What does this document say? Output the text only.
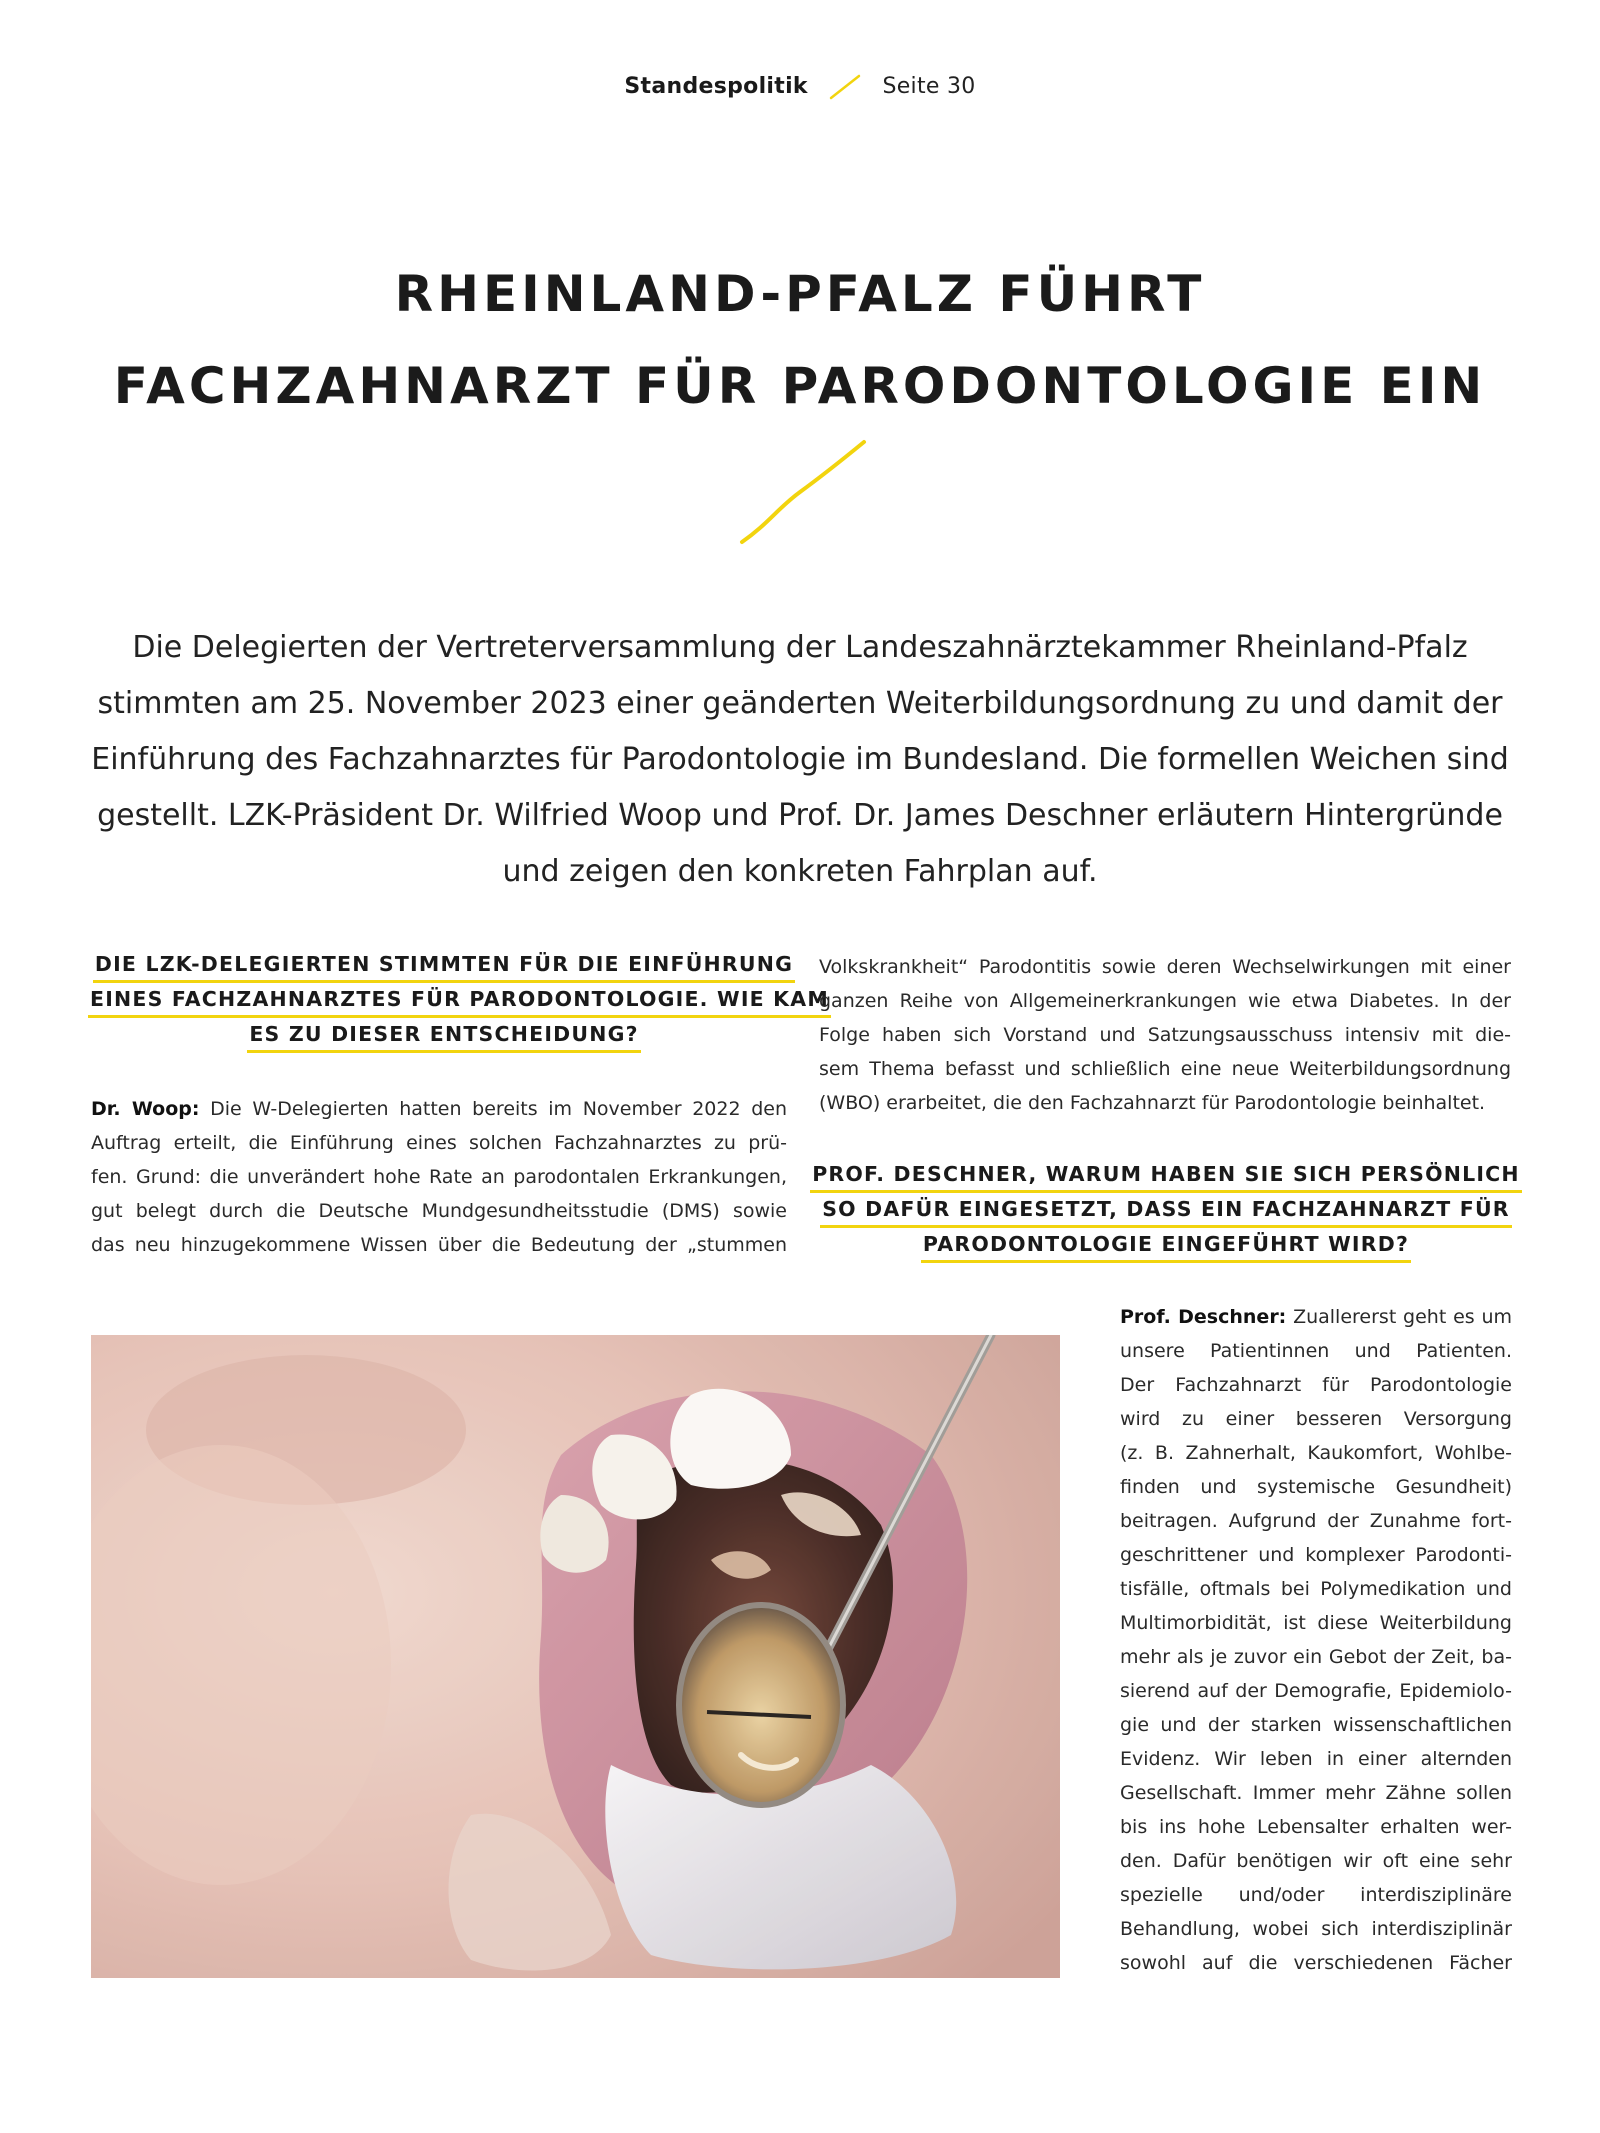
Standespolitik	Seite 30
RHEINLAND-PFALZ FÜHRT
FACHZAHNARZT FÜR PARODONTOLOGIE EIN
Die Delegierten der Vertreterversammlung der Landeszahnärztekammer Rheinland-Pfalz stimmten am 25. November 2023 einer geänderten Weiterbildungsordnung zu und damit der Einführung des Fachzahnarztes für Parodontologie im Bundesland. Die formellen Weichen sind gestellt. LZK-Präsident Dr. Wilfried Woop und Prof. Dr. James Deschner erläutern Hintergründe und zeigen den konkreten Fahrplan auf.
DIE LZK-DELEGIERTEN STIMMTEN FÜR DIE EINFÜHRUNG
EINES FACHZAHNARZTES FÜR PARODONTOLOGIE. WIE KAM
ES ZU DIESER ENTSCHEIDUNG?
Dr. Woop: Die W-Delegierten hatten bereits im November 2022 den
Auftrag erteilt, die Einführung eines solchen Fachzahnarztes zu prü-
fen. Grund: die unverändert hohe Rate an parodontalen Erkrankungen,
gut belegt durch die Deutsche Mundgesundheitsstudie (DMS) sowie
das neu hinzugekommene Wissen über die Bedeutung der „stummen
Volkskrankheit“ Parodontitis sowie deren Wechselwirkungen mit einer
ganzen Reihe von Allgemeinerkrankungen wie etwa Diabetes. In der
Folge haben sich Vorstand und Satzungsausschuss intensiv mit die-
sem Thema befasst und schließlich eine neue Weiterbildungsordnung
(WBO) erarbeitet, die den Fachzahnarzt für Parodontologie beinhaltet.
PROF. DESCHNER, WARUM HABEN SIE SICH PERSÖNLICH
SO DAFÜR EINGESETZT, DASS EIN FACHZAHNARZT FÜR
PARODONTOLOGIE EINGEFÜHRT WIRD?
Prof. Deschner: Zuallererst geht es um
unsere Patientinnen und Patienten.
Der Fachzahnarzt für Parodontologie
wird zu einer besseren Versorgung
(z. B. Zahnerhalt, Kaukomfort, Wohlbe-
finden und systemische Gesundheit)
beitragen. Aufgrund der Zunahme fort-
geschrittener und komplexer Parodonti-
tisfälle, oftmals bei Polymedikation und
Multimorbidität, ist diese Weiterbildung
mehr als je zuvor ein Gebot der Zeit, ba-
sierend auf der Demografie, Epidemiolo-
gie und der starken wissenschaftlichen
Evidenz. Wir leben in einer alternden
Gesellschaft. Immer mehr Zähne sollen
bis ins hohe Lebensalter erhalten wer-
den. Dafür benötigen wir oft eine sehr
spezielle und/oder interdisziplinäre
Behandlung, wobei sich interdisziplinär
sowohl auf die verschiedenen Fächer
